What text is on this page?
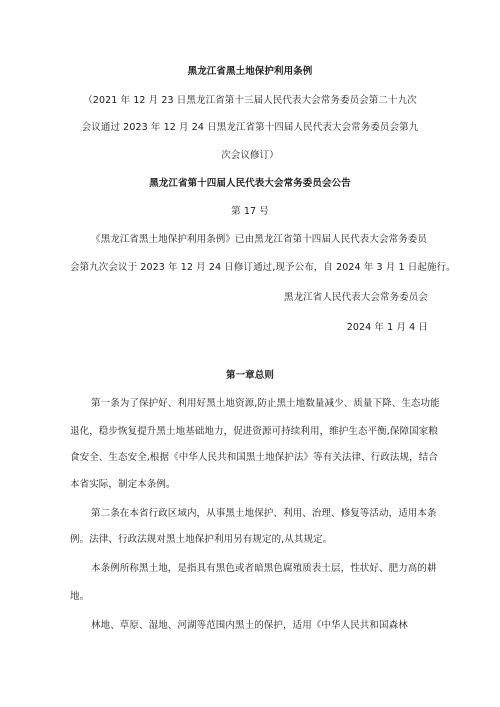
黑龙江省黑土地保护利用条例
（2021 年 12 月 23 日黑龙江省第十三届人民代表大会常务委员会第二十九次
会议通过 2023 年 12 月 24 日黑龙江省第十四届人民代表大会常务委员会第九
次会议修订）
黑龙江省第十四届人民代表大会常务委员会公告
第 17 号
《黑龙江省黑土地保护利用条例》已由黑龙江省第十四届人民代表大会常务委员
会第九次会议于 2023 年 12 月 24 日修订通过,现予公布，自 2024 年 3 月 1 日起施行。
黑龙江省人民代表大会常务委员会
2024 年 1 月 4 日
第一章总则
第一条为了保护好、利用好黑土地资源,防止黑土地数量减少、质量下降、生态功能
退化，稳步恢复提升黑土地基础地力，促进资源可持续利用，维护生态平衡,保障国家粮
食安全、生态安全,根据《中华人民共和国黑土地保护法》等有关法律、行政法规，结合
本省实际，制定本条例。
第二条在本省行政区域内，从事黑土地保护、利用、治理、修复等活动，适用本条
例。法律、行政法规对黑土地保护利用另有规定的,从其规定。
本条例所称黑土地，是指具有黑色或者暗黑色腐殖质表土层，性状好、肥力高的耕
地。
林地、草原、湿地、河湖等范围内黑土的保护，适用《中华人民共和国森林
